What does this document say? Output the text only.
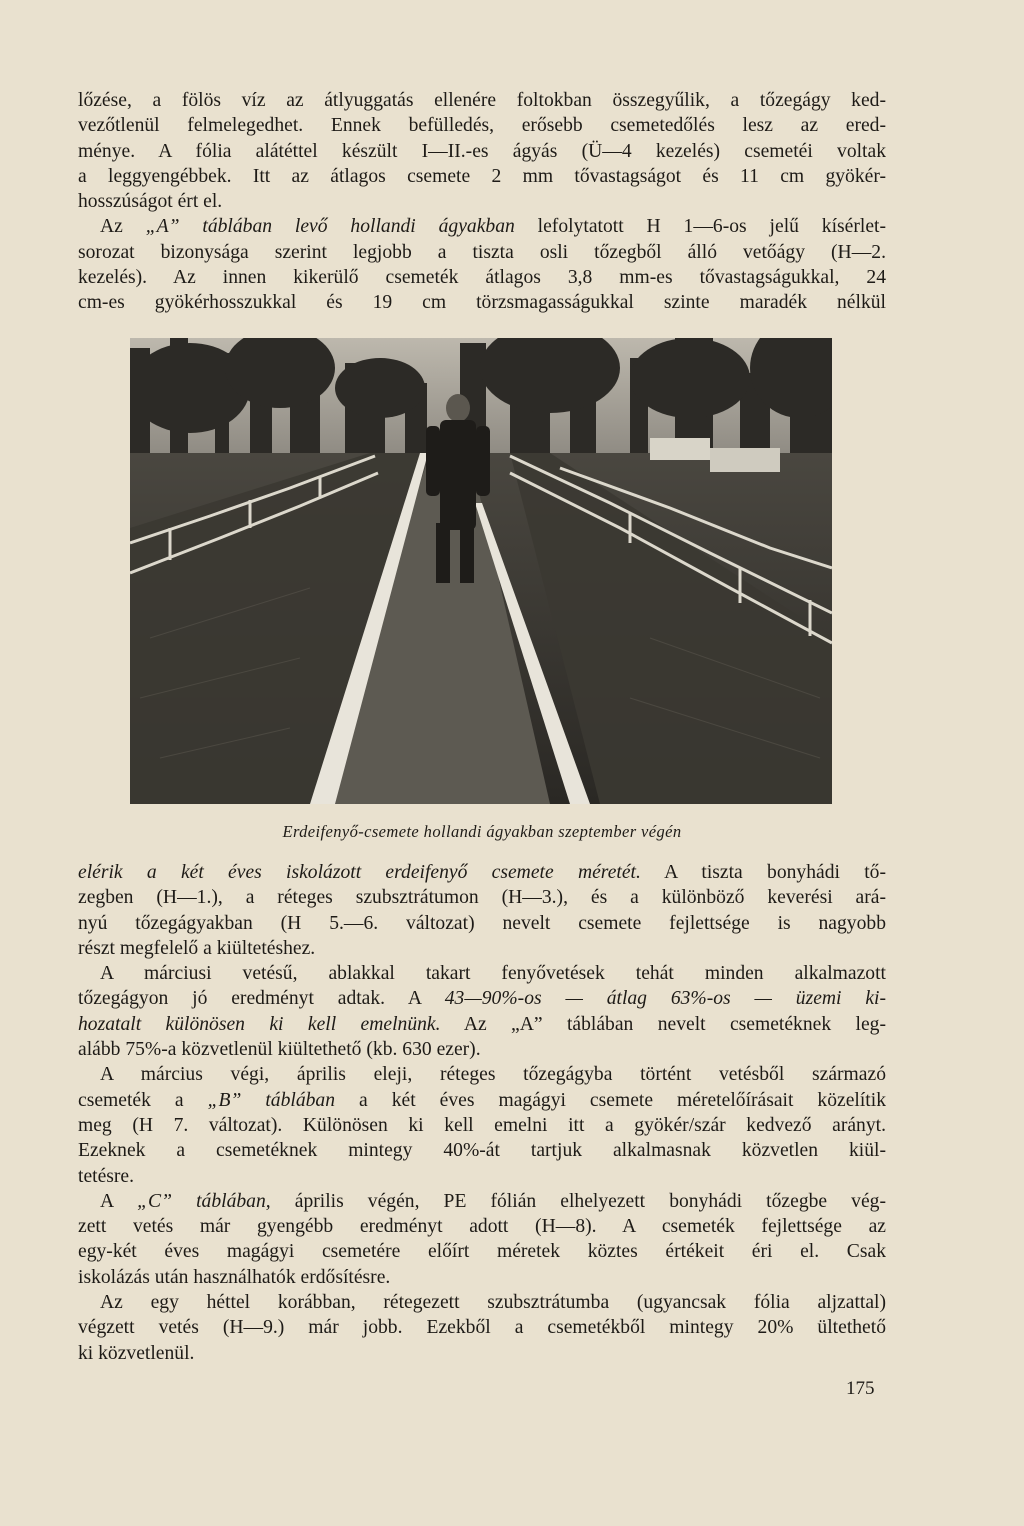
lőzése, a fölös víz az átlyuggatás ellenére foltokban összegyűlik, a tőzegágy ked-
vezőtlenül felmelegedhet. Ennek befülledés, erősebb csemetedőlés lesz az ered-
ménye. A fólia alátéttel készült I—II.-es ágyás (Ü—4 kezelés) csemetéi voltak
a leggyengébbek. Itt az átlagos csemete 2 mm tővastagságot és 11 cm gyökér-
hosszúságot ért el.

Az „A” táblában levő hollandi ágyakban lefolytatott H 1—6-os jelű kísérlet-
sorozat bizonysága szerint legjobb a tiszta osli tőzegből álló vetőágy (H—2.
kezelés). Az innen kikerülő csemeték átlagos 3,8 mm-es tővastagságukkal, 24
cm-es gyökérhosszukkal és 19 cm törzsmagasságukkal szinte maradék nélkül

Erdeifenyő-csemete hollandi ágyakban szeptember végén

elérik a két éves iskolázott erdeifenyő csemete méretét. A tiszta bonyhádi tő-
zegben (H—1.), a réteges szubsztrátumon (H—3.), és a különböző keverési ará-
nyú tőzegágyakban (H 5.—6. változat) nevelt csemete fejlettsége is nagyobb
részt megfelelő a kiültetéshez.

A márciusi vetésű, ablakkal takart fenyővetések tehát minden alkalmazott
tőzegágyon jó eredményt adtak. A 43—90%-os — átlag 63%-os — üzemi ki-
hozatalt különösen ki kell emelnünk. Az „A” táblában nevelt csemetéknek leg-
alább 75%-a közvetlenül kiültethető (kb. 630 ezer).

A március végi, április eleji, réteges tőzegágyba történt vetésből származó
csemeték a „B” táblában a két éves magágyi csemete méretelőírásait közelítik
meg (H 7. változat). Különösen ki kell emelni itt a gyökér/szár kedvező arányt.
Ezeknek a csemetéknek mintegy 40%-át tartjuk alkalmasnak közvetlen kiül-
tetésre.

A „C” táblában, április végén, PE fólián elhelyezett bonyhádi tőzegbe vég-
zett vetés már gyengébb eredményt adott (H—8). A csemeték fejlettsége az
egy-két éves magágyi csemetére előírt méretek köztes értékeit éri el. Csak
iskolázás után használhatók erdősítésre.

Az egy héttel korábban, rétegezett szubsztrátumba (ugyancsak fólia aljzattal)
végzett vetés (H—9.) már jobb. Ezekből a csemetékből mintegy 20% ültethető
ki közvetlenül.

175
